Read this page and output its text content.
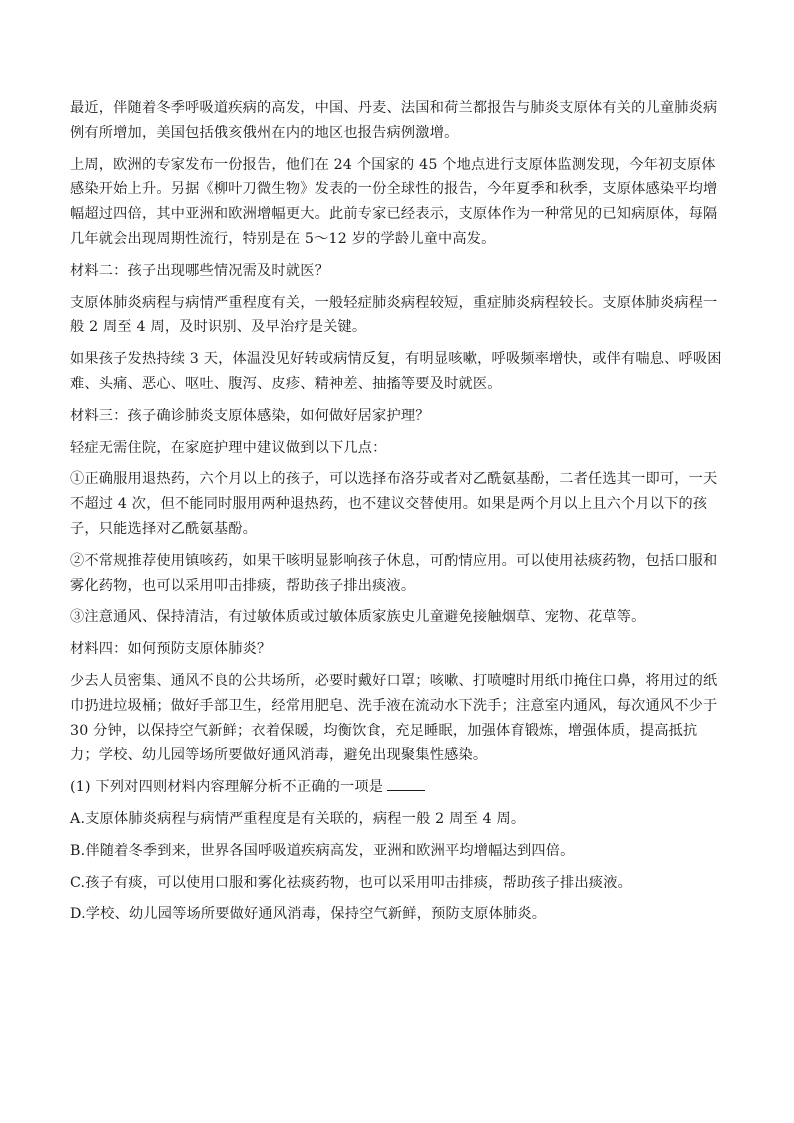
最近，伴随着冬季呼吸道疾病的高发，中国、丹麦、法国和荷兰都报告与肺炎支原体有关的儿童肺炎病例有所增加，美国包括俄亥俄州在内的地区也报告病例激增。

上周，欧洲的专家发布一份报告，他们在 24 个国家的 45 个地点进行支原体监测发现，今年初支原体感染开始上升。另据《柳叶刀微生物》发表的一份全球性的报告，今年夏季和秋季，支原体感染平均增幅超过四倍，其中亚洲和欧洲增幅更大。此前专家已经表示，支原体作为一种常见的已知病原体，每隔几年就会出现周期性流行，特别是在 5～12 岁的学龄儿童中高发。

材料二：孩子出现哪些情况需及时就医？

支原体肺炎病程与病情严重程度有关，一般轻症肺炎病程较短，重症肺炎病程较长。支原体肺炎病程一般 2 周至 4 周，及时识别、及早治疗是关键。

如果孩子发热持续 3 天，体温没见好转或病情反复，有明显咳嗽，呼吸频率增快，或伴有喘息、呼吸困难、头痛、恶心、呕吐、腹泻、皮疹、精神差、抽搐等要及时就医。

材料三：孩子确诊肺炎支原体感染，如何做好居家护理？

轻症无需住院，在家庭护理中建议做到以下几点：

①正确服用退热药，六个月以上的孩子，可以选择布洛芬或者对乙酰氨基酚，二者任选其一即可，一天不超过 4 次，但不能同时服用两种退热药，也不建议交替使用。如果是两个月以上且六个月以下的孩子，只能选择对乙酰氨基酚。

②不常规推荐使用镇咳药，如果干咳明显影响孩子休息，可酌情应用。可以使用祛痰药物，包括口服和雾化药物，也可以采用叩击排痰，帮助孩子排出痰液。

③注意通风、保持清洁，有过敏体质或过敏体质家族史儿童避免接触烟草、宠物、花草等。

材料四：如何预防支原体肺炎？

少去人员密集、通风不良的公共场所，必要时戴好口罩；咳嗽、打喷嚏时用纸巾掩住口鼻，将用过的纸巾扔进垃圾桶；做好手部卫生，经常用肥皂、洗手液在流动水下洗手；注意室内通风，每次通风不少于 30 分钟，以保持空气新鲜；衣着保暖，均衡饮食，充足睡眠，加强体育锻炼，增强体质，提高抵抗力；学校、幼儿园等场所要做好通风消毒，避免出现聚集性感染。

(1) 下列对四则材料内容理解分析不正确的一项是

A.支原体肺炎病程与病情严重程度是有关联的，病程一般 2 周至 4 周。

B.伴随着冬季到来，世界各国呼吸道疾病高发，亚洲和欧洲平均增幅达到四倍。

C.孩子有痰，可以使用口服和雾化祛痰药物，也可以采用叩击排痰，帮助孩子排出痰液。

D.学校、幼儿园等场所要做好通风消毒，保持空气新鲜，预防支原体肺炎。
